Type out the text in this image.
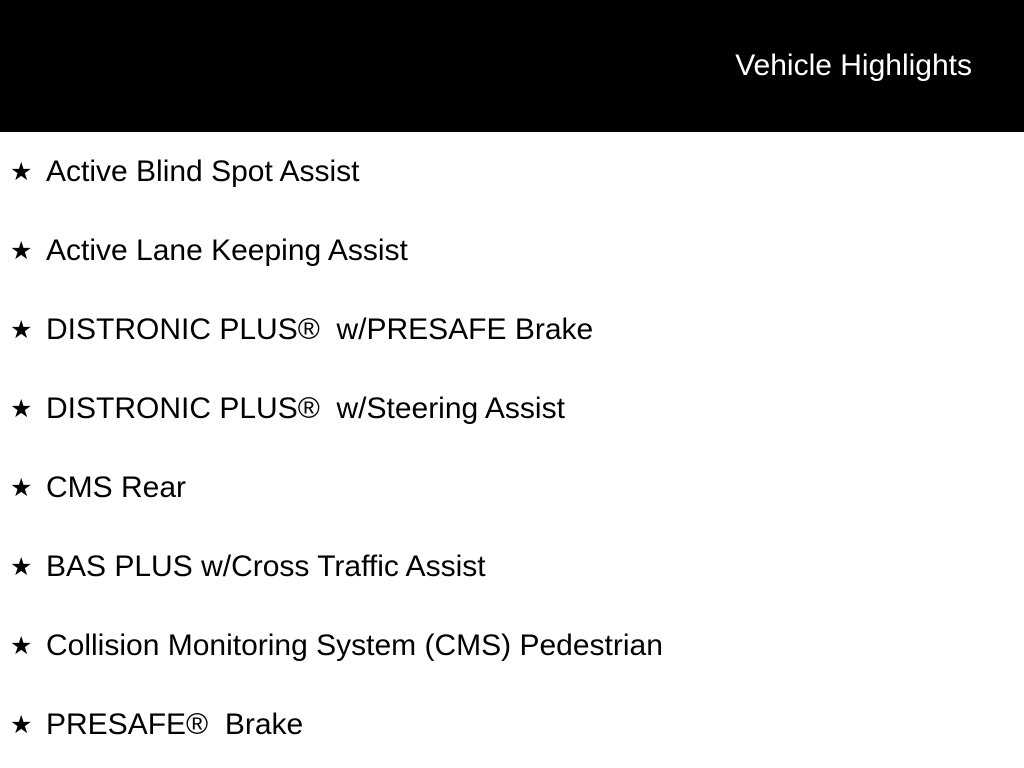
Vehicle Highlights
★ Active Blind Spot Assist
★ Active Lane Keeping Assist
★ DISTRONIC PLUS®  w/PRESAFE Brake
★ DISTRONIC PLUS®  w/Steering Assist
★ CMS Rear
★ BAS PLUS w/Cross Traffic Assist
★ Collision Monitoring System (CMS) Pedestrian
★ PRESAFE®  Brake
